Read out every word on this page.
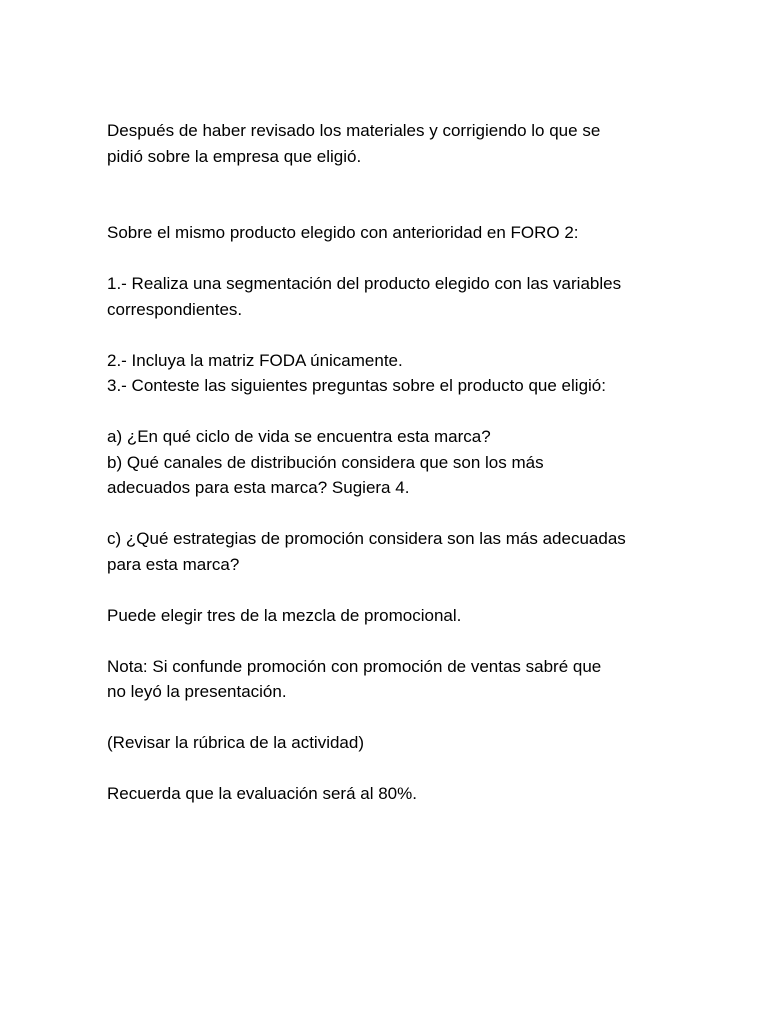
Después de haber revisado los materiales y corrigiendo lo que se
pidió sobre la empresa que eligió.

Sobre el mismo producto elegido con anterioridad en FORO 2:

1.- Realiza una segmentación del producto elegido con las variables
correspondientes.

2.- Incluya la matriz FODA únicamente.
3.- Conteste las siguientes preguntas sobre el producto que eligió:

a) ¿En qué ciclo de vida se encuentra esta marca?
b) Qué canales de distribución considera que son los más
adecuados para esta marca? Sugiera 4.

c) ¿Qué estrategias de promoción considera son las más adecuadas
para esta marca?

Puede elegir tres de la mezcla de promocional.

Nota: Si confunde promoción con promoción de ventas sabré que
no leyó la presentación.

(Revisar la rúbrica de la actividad)

Recuerda que la evaluación será al 80%.
